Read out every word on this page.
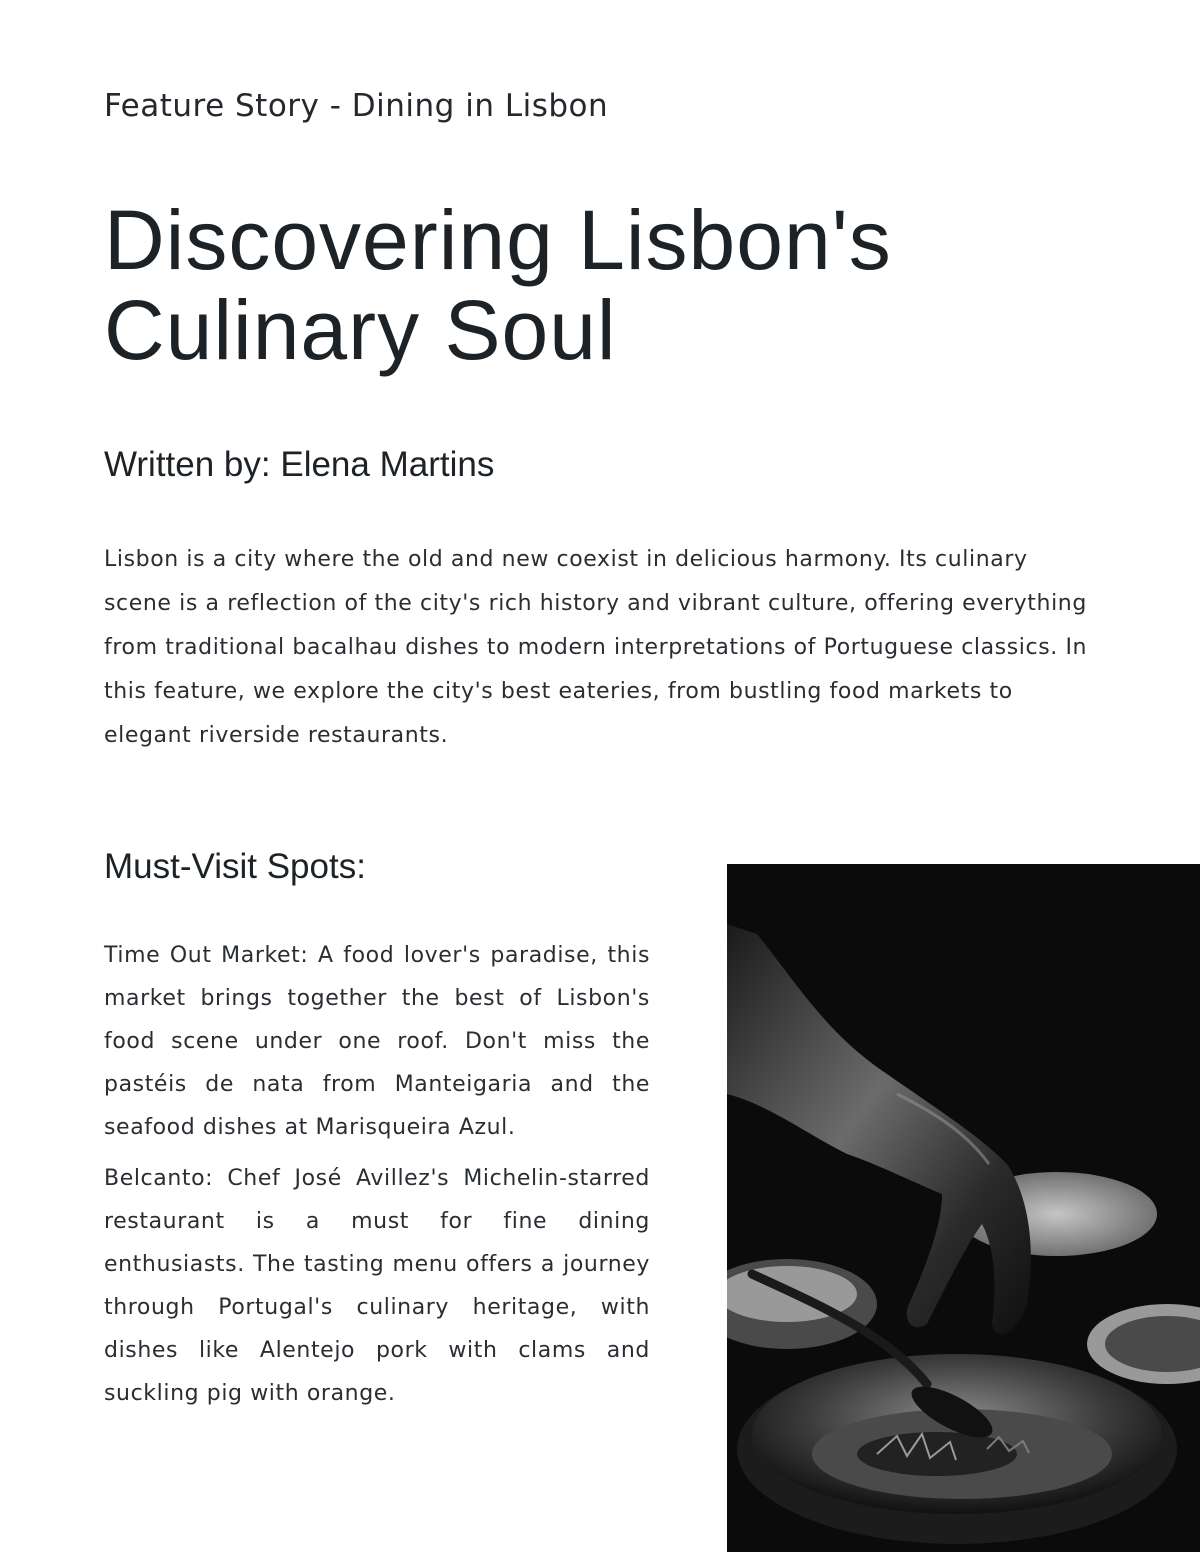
Feature Story - Dining in Lisbon
Discovering Lisbon's Culinary Soul
Written by: Elena Martins

Lisbon is a city where the old and new coexist in delicious harmony. Its culinary scene is a reflection of the city's rich history and vibrant culture, offering everything from traditional bacalhau dishes to modern interpretations of Portuguese classics. In this feature, we explore the city's best eateries, from bustling food markets to elegant riverside restaurants.

Must-Visit Spots:

Time Out Market: A food lover's paradise, this market brings together the best of Lisbon's food scene under one roof. Don't miss the pastéis de nata from Manteigaria and the seafood dishes at Marisqueira Azul.

Belcanto: Chef José Avillez's Michelin-starred restaurant is a must for fine dining enthusiasts. The tasting menu offers a journey through Portugal's culinary heritage, with dishes like Alentejo pork with clams and suckling pig with orange.
